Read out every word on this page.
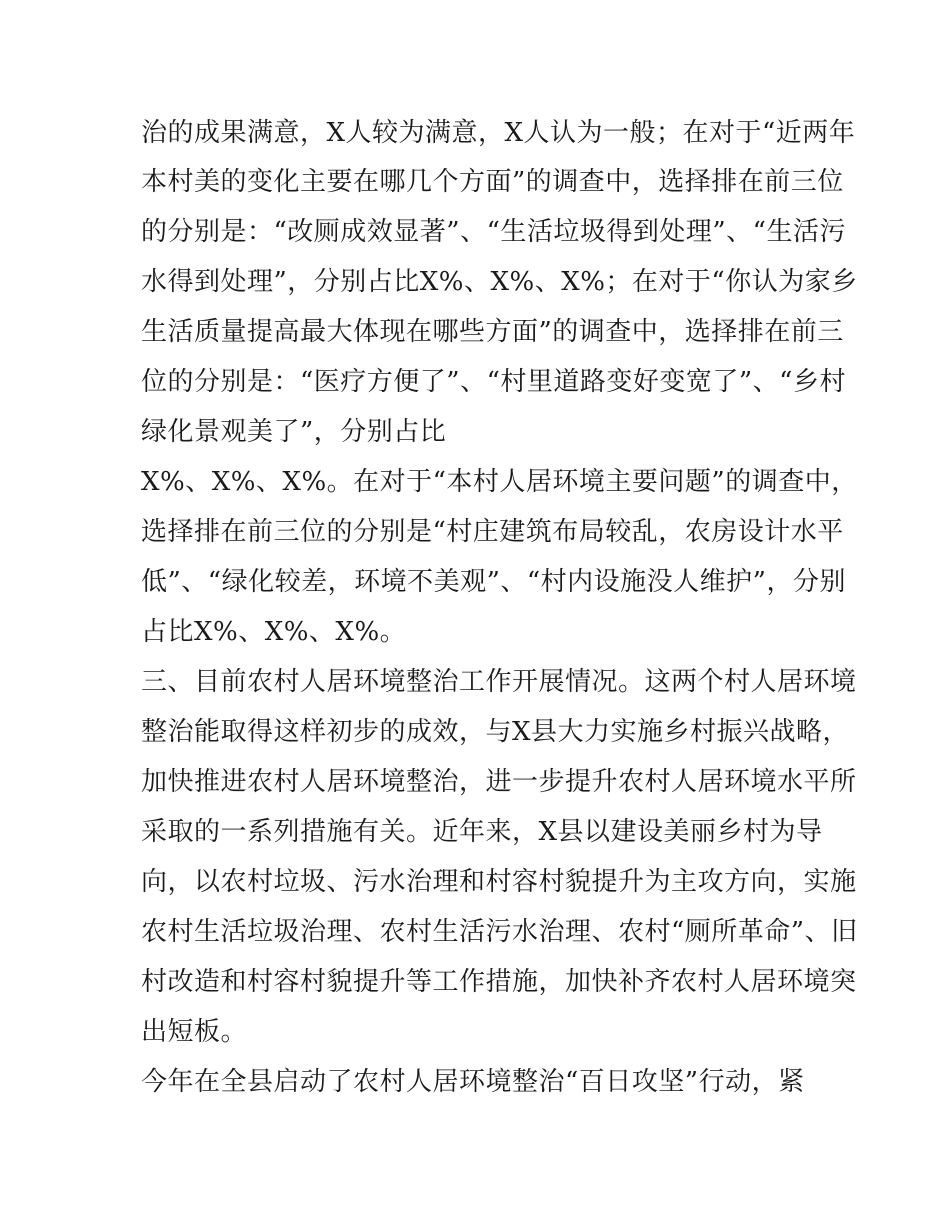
治的成果满意，X人较为满意，X人认为一般；在对于“近两年
本村美的变化主要在哪几个方面”的调查中，选择排在前三位
的分别是：“改厕成效显著”、“生活垃圾得到处理”、“生活污
水得到处理”，分别占比X%、X%、X%；在对于“你认为家乡
生活质量提高最大体现在哪些方面”的调查中，选择排在前三
位的分别是：“医疗方便了”、“村里道路变好变宽了”、“乡村
绿化景观美了”，分别占比
X%、X%、X%。在对于“本村人居环境主要问题”的调查中，
选择排在前三位的分别是“村庄建筑布局较乱，农房设计水平
低”、“绿化较差，环境不美观”、“村内设施没人维护”，分别
占比X%、X%、X%。
三、目前农村人居环境整治工作开展情况。这两个村人居环境
整治能取得这样初步的成效，与X县大力实施乡村振兴战略，
加快推进农村人居环境整治，进一步提升农村人居环境水平所
采取的一系列措施有关。近年来，X县以建设美丽乡村为导
向，以农村垃圾、污水治理和村容村貌提升为主攻方向，实施
农村生活垃圾治理、农村生活污水治理、农村“厕所革命”、旧
村改造和村容村貌提升等工作措施，加快补齐农村人居环境突
出短板。
今年在全县启动了农村人居环境整治“百日攻坚”行动，紧
